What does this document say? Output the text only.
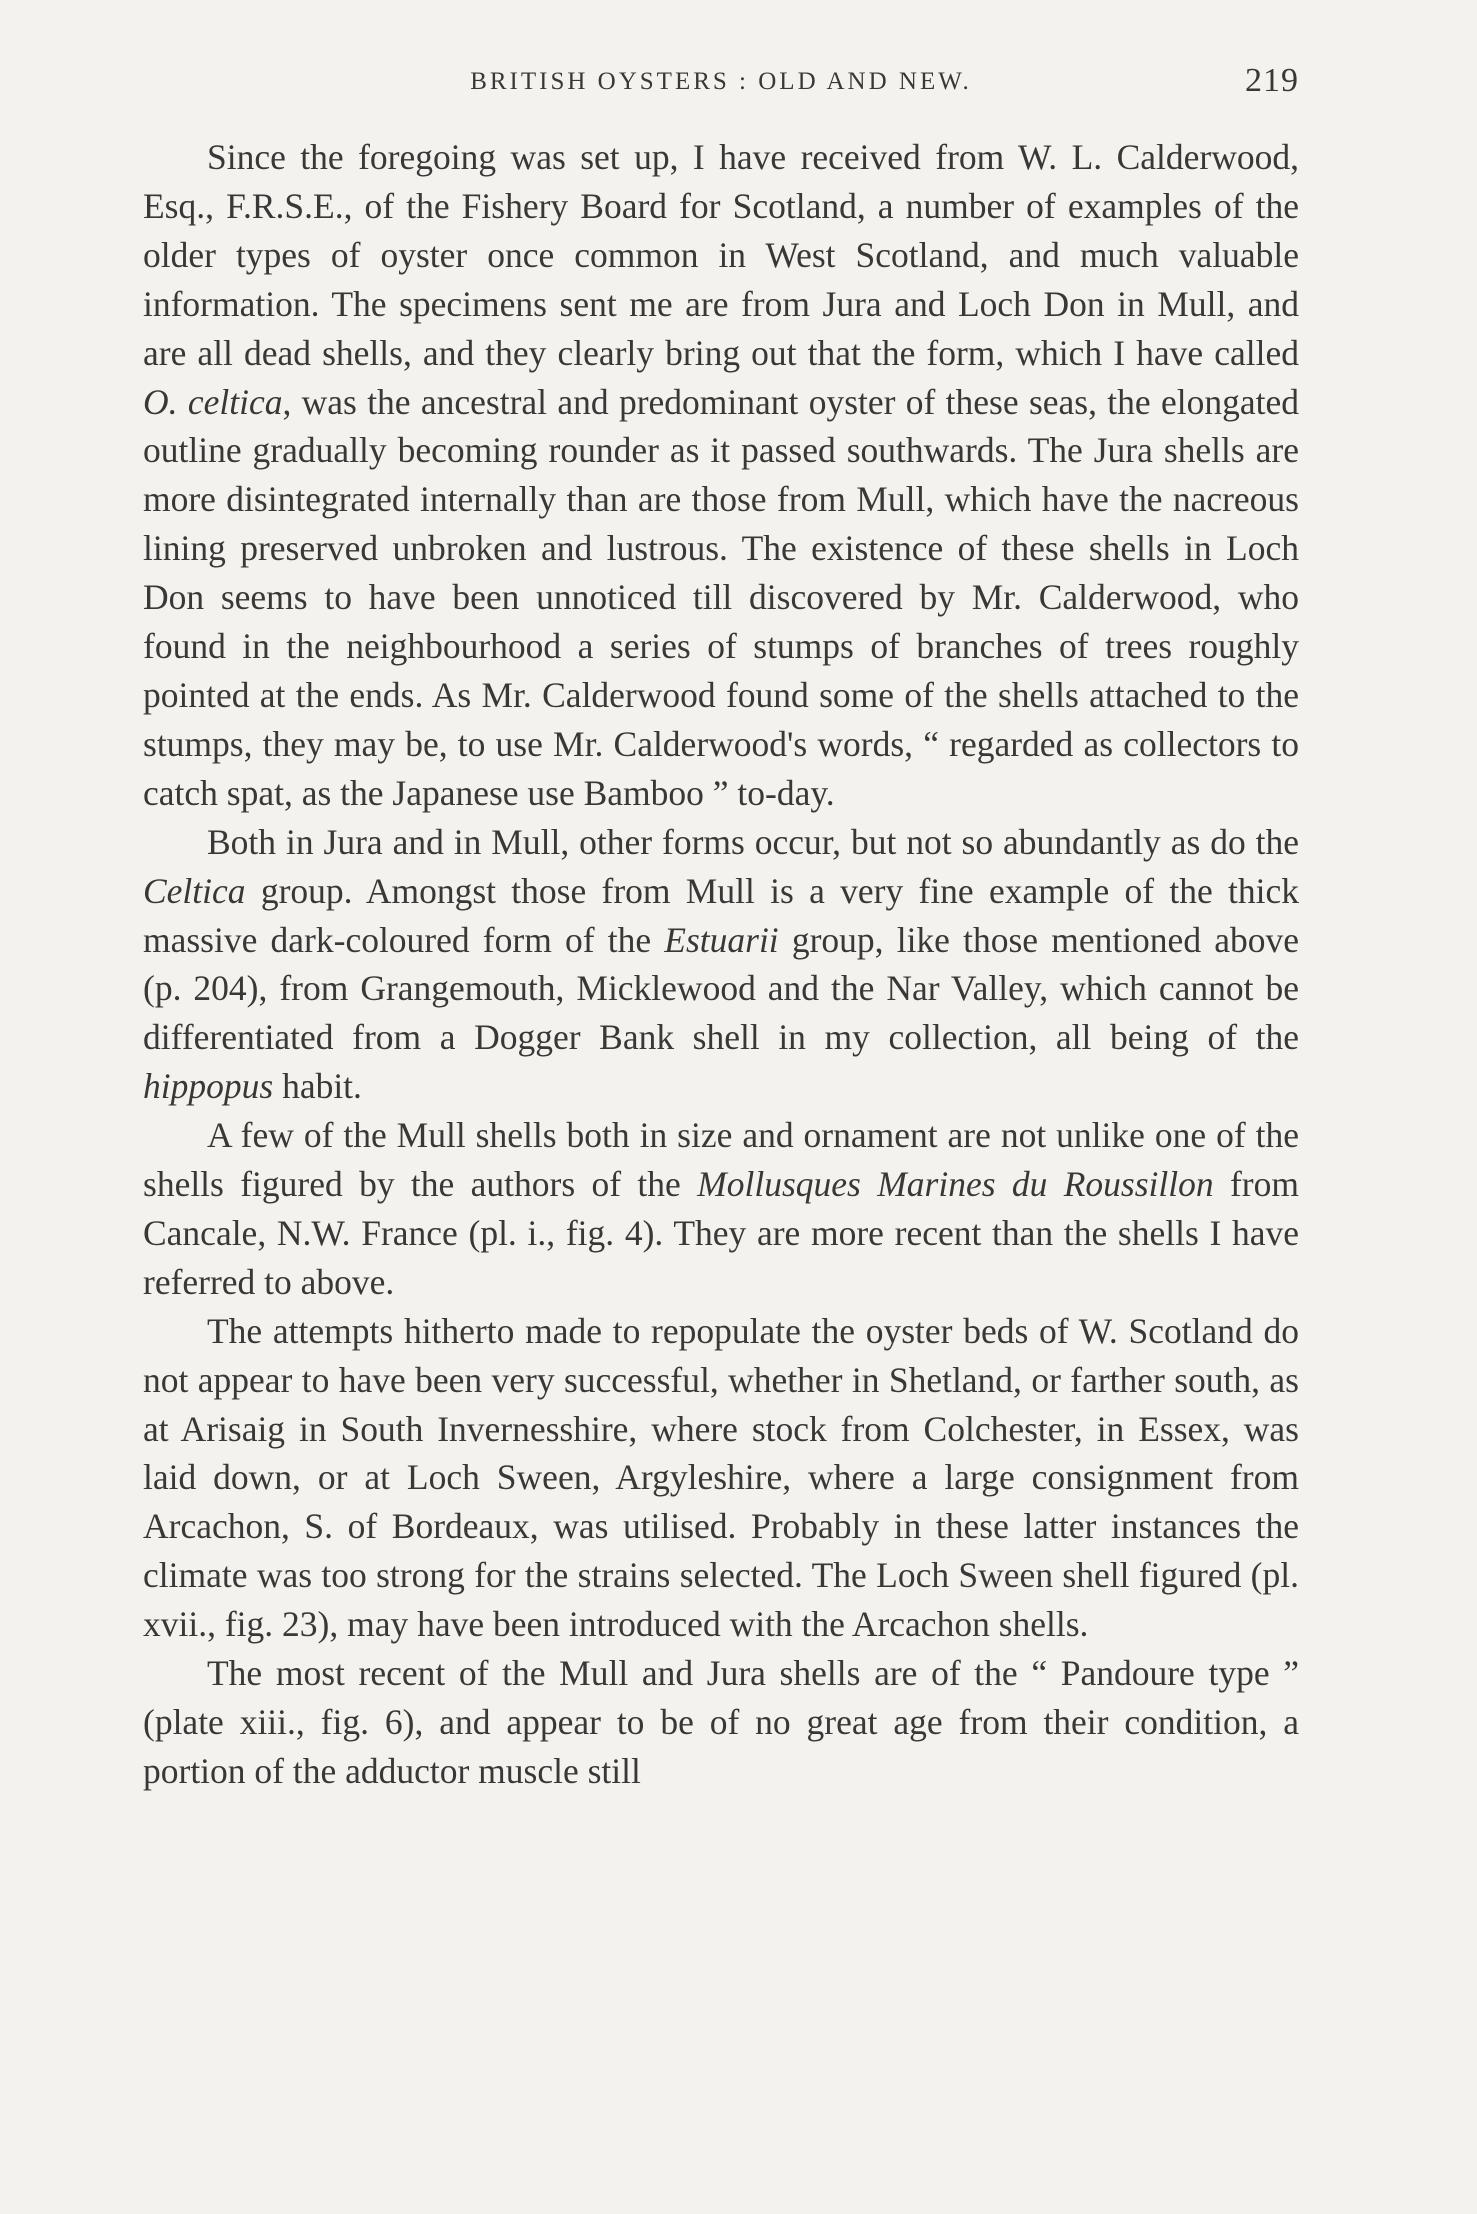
BRITISH OYSTERS : OLD AND NEW.	219

Since the foregoing was set up, I have received from W. L. Calderwood, Esq., F.R.S.E., of the Fishery Board for Scotland, a number of examples of the older types of oyster once common in West Scotland, and much valuable information. The specimens sent me are from Jura and Loch Don in Mull, and are all dead shells, and they clearly bring out that the form, which I have called O. celtica, was the ancestral and predominant oyster of these seas, the elongated outline gradually becoming rounder as it passed southwards. The Jura shells are more disintegrated internally than are those from Mull, which have the nacreous lining preserved unbroken and lustrous. The existence of these shells in Loch Don seems to have been unnoticed till discovered by Mr. Calderwood, who found in the neighbourhood a series of stumps of branches of trees roughly pointed at the ends. As Mr. Calderwood found some of the shells attached to the stumps, they may be, to use Mr. Calderwood's words, “ regarded as collectors to catch spat, as the Japanese use Bamboo ” to-day.

Both in Jura and in Mull, other forms occur, but not so abundantly as do the Celtica group. Amongst those from Mull is a very fine example of the thick massive dark-coloured form of the Estuarii group, like those mentioned above (p. 204), from Grangemouth, Micklewood and the Nar Valley, which cannot be differentiated from a Dogger Bank shell in my collection, all being of the hippopus habit.

A few of the Mull shells both in size and ornament are not unlike one of the shells figured by the authors of the Mollusques Marines du Roussillon from Cancale, N.W. France (pl. i., fig. 4). They are more recent than the shells I have referred to above.

The attempts hitherto made to repopulate the oyster beds of W. Scotland do not appear to have been very successful, whether in Shetland, or farther south, as at Arisaig in South Invernesshire, where stock from Colchester, in Essex, was laid down, or at Loch Sween, Argyleshire, where a large consignment from Arcachon, S. of Bordeaux, was utilised. Probably in these latter instances the climate was too strong for the strains selected. The Loch Sween shell figured (pl. xvii., fig. 23), may have been introduced with the Arcachon shells.

The most recent of the Mull and Jura shells are of the “ Pandoure type ” (plate xiii., fig. 6), and appear to be of no great age from their condition, a portion of the adductor muscle still
